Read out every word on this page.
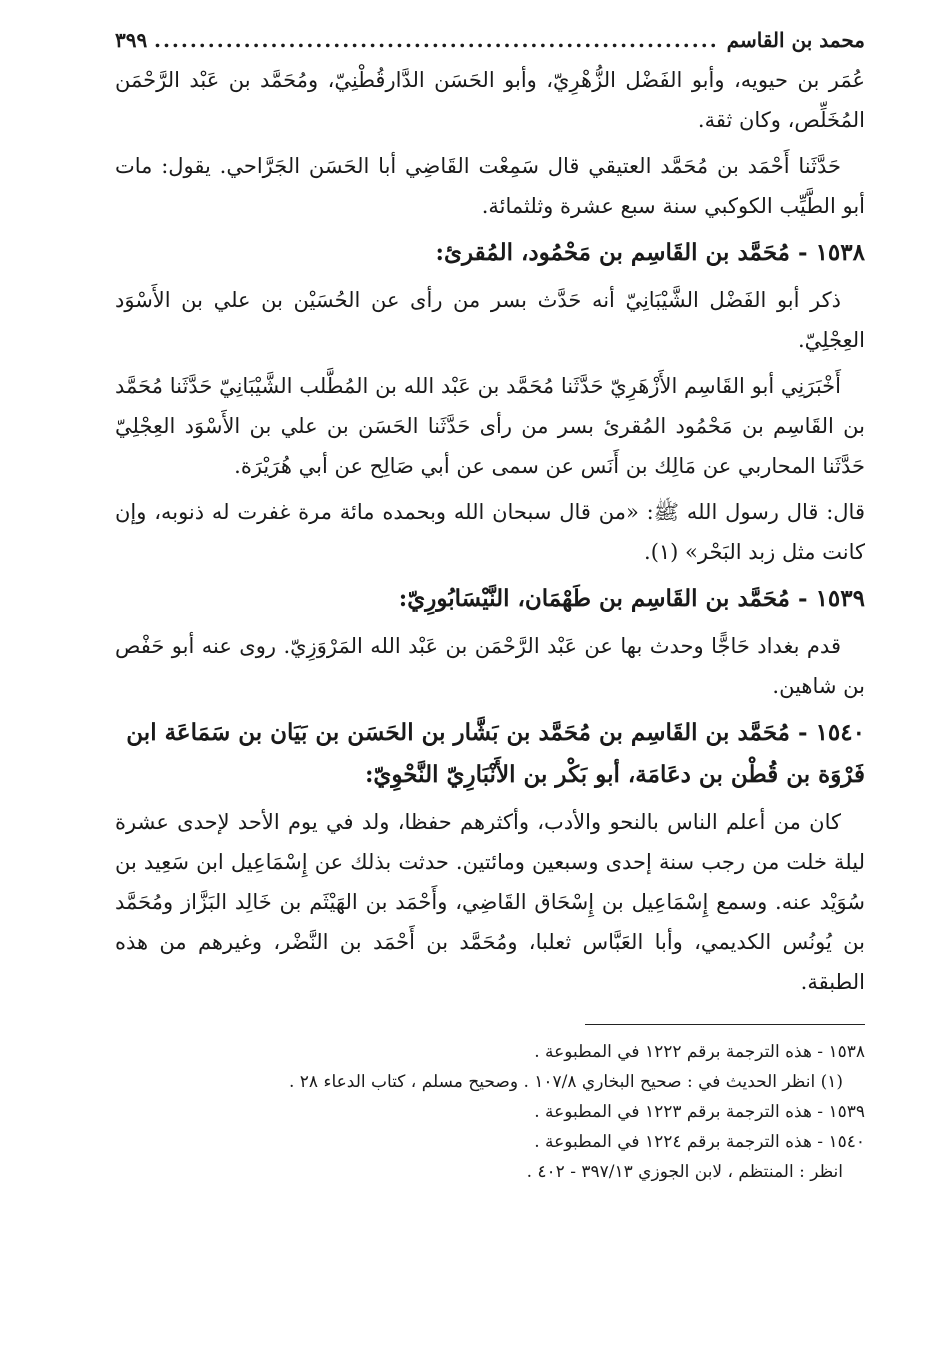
محمد بن القاسم
.....
٣٩٩

عُمَر بن حيويه، وأبو الفَضْل الزُّهْرِيّ، وأبو الحَسَن الدَّارقُطْنِيّ، ومُحَمَّد بن عَبْد الرَّحْمَن المُخَلِّص، وكان ثقة.

حَدَّثَنا أَحْمَد بن مُحَمَّد العتيقي قال سَمِعْت القَاضِي أبا الحَسَن الجَرَّاحي. يقول: مات أبو الطَّيِّب الكوكبي سنة سبع عشرة وثلثمائة.

١٥٣٨ -مُحَمَّد بن القَاسِم بن مَحْمُود، المُقرئ:

ذكر أبو الفَضْل الشَّيْبَانِيّ أنه حَدَّث بسر من رأى عن الحُسَيْن بن علي بن الأَسْوَد العِجْلِيّ.

أَخْبَرَنِي أبو القَاسِم الأَزْهَرِيّ حَدَّثَنا مُحَمَّد بن عَبْد الله بن المُطَّلب الشَّيْبَانِيّ حَدَّثَنا مُحَمَّد بن القَاسِم بن مَحْمُود المُقرئ بسر من رأى حَدَّثَنا الحَسَن بن علي بن الأَسْوَد العِجْلِيّ حَدَّثَنا المحاربي عن مَالِك بن أَنَس عن سمى عن أبي صَالِح عن أبي هُرَيْرَة.

قال: قال رسول الله ﷺ: «من قال سبحان الله وبحمده مائة مرة غفرت له ذنوبه، وإن كانت مثل زبد البَحْر» (١).

١٥٣٩ -مُحَمَّد بن القَاسِم بن طَهْمَان، النَّيْسَابُورِيّ:

قدم بغداد حَاجًّا وحدث بها عن عَبْد الرَّحْمَن بن عَبْد الله المَرْوَزِيّ. روى عنه أبو حَفْص بن شاهين.

١٥٤٠ -مُحَمَّد بن القَاسِم بن مُحَمَّد بن بَشَّار بن الحَسَن بن بَيَان بن سَمَاعَة ابن فَرْوَة بن قُطْن بن دعَامَة، أبو بَكْر بن الأَنْبَارِيّ النَّحْوِيّ:

كان من أعلم الناس بالنحو والأدب، وأكثرهم حفظا، ولد في يوم الأحد لإحدى عشرة ليلة خلت من رجب سنة إحدى وسبعين ومائتين. حدثت بذلك عن إِسْمَاعِيل ابن سَعِيد بن سُوَيْد عنه. وسمع إِسْمَاعِيل بن إِسْحَاق القَاضِي، وأَحْمَد بن الهَيْثَم بن خَالِد البَزَّاز ومُحَمَّد بن يُونُس الكديمي، وأبا العَبَّاس ثعلبا، ومُحَمَّد بن أَحْمَد بن النَّضْر، وغيرهم من هذه الطبقة.

١٥٣٨ - هذه الترجمة برقم ١٢٢٢ في المطبوعة .

(١) انظر الحديث في : صحيح البخاري ١٠٧/٨ . وصحيح مسلم ، كتاب الدعاء ٢٨ .

١٥٣٩ - هذه الترجمة برقم ١٢٢٣ في المطبوعة .

١٥٤٠ - هذه الترجمة برقم ١٢٢٤ في المطبوعة .

انظر : المنتظم ، لابن الجوزي ٣٩٧/١٣ - ٤٠٢ .
